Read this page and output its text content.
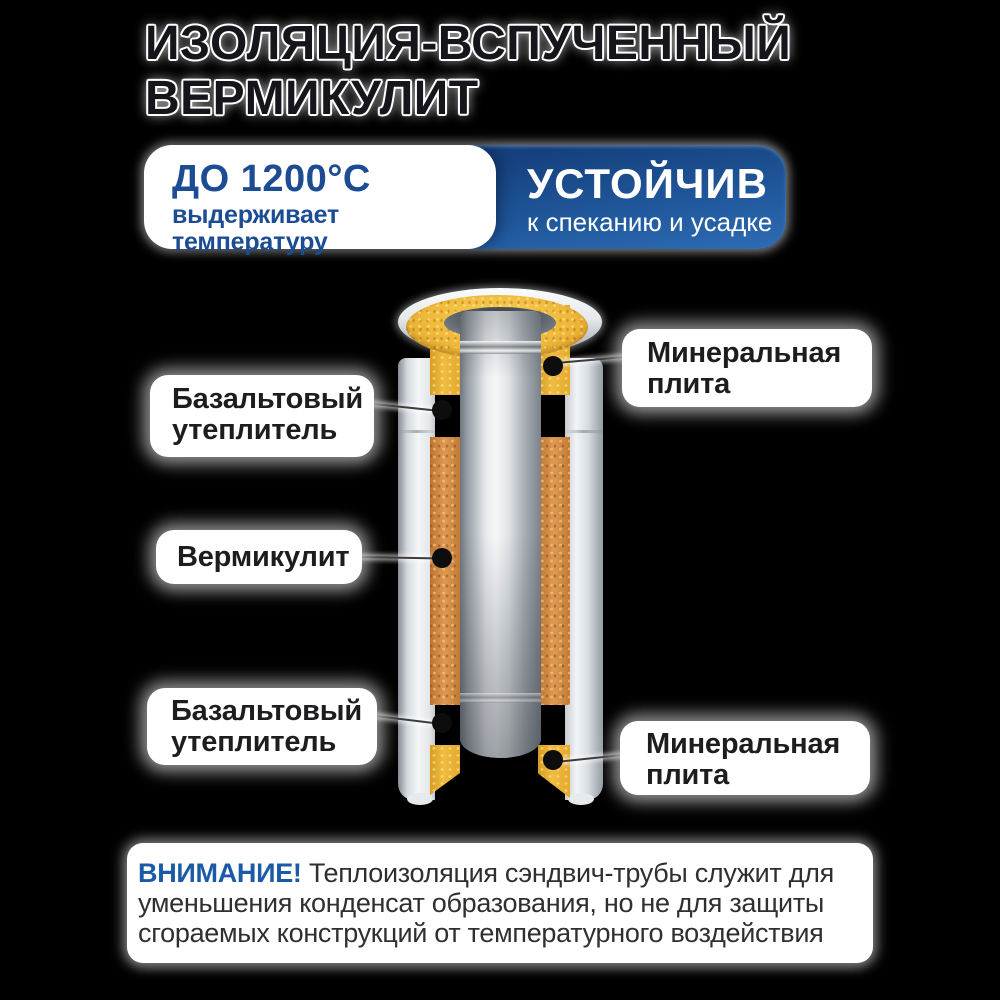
ИЗОЛЯЦИЯ-ВСПУЧЕННЫЙ
ВЕРМИКУЛИТ
УСТОЙЧИВ
к спеканию и усадке
ДО 1200°C
выдерживает температуру
Базальтовый
утеплитель
Вермикулит
Базальтовый
утеплитель
Минеральная
плита
Минеральная
плита
ВНИМАНИЕ! Теплоизоляция сэндвич-трубы служит для
уменьшения конденсат образования, но не для защиты
сгораемых конструкций от температурного воздействия
